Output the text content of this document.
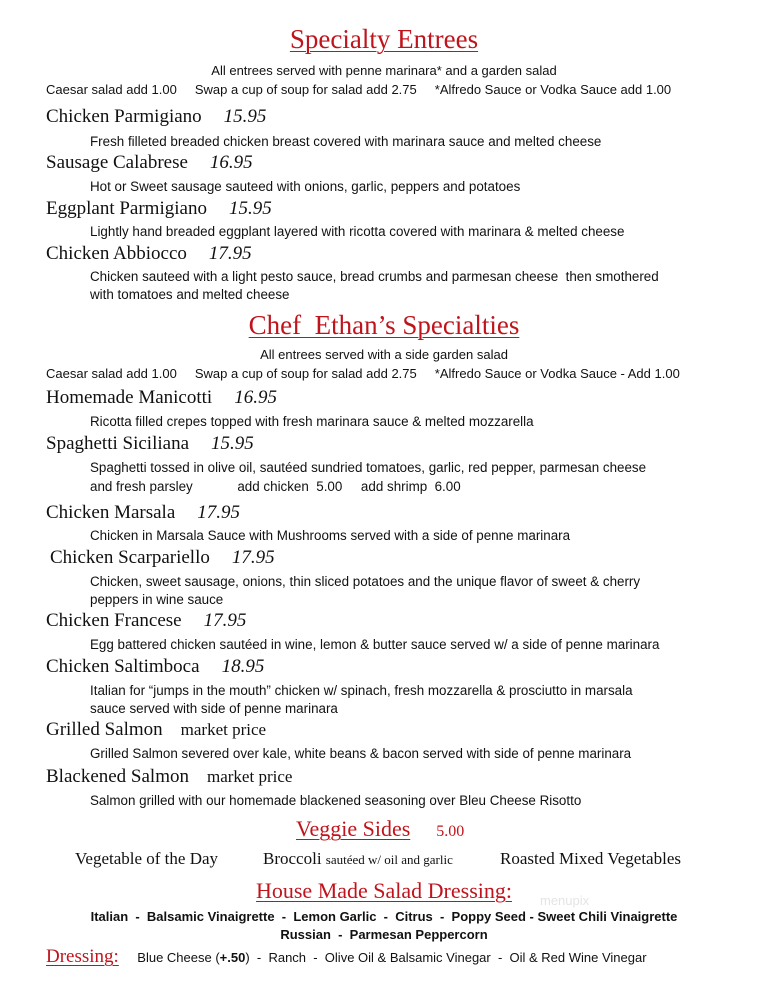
Specialty Entrees
All entrees served with penne marinara* and a garden salad
Caesar salad add 1.00     Swap a cup of soup for salad add 2.75     *Alfredo Sauce or Vodka Sauce add 1.00
Chicken Parmigiano 15.95
Fresh filleted breaded chicken breast covered with marinara sauce and melted cheese
Sausage Calabrese 16.95
Hot or Sweet sausage sauteed with onions, garlic, peppers and potatoes
Eggplant Parmigiano 15.95
Lightly hand breaded eggplant layered with ricotta covered with marinara & melted cheese
Chicken Abbiocco 17.95
Chicken sauteed with a light pesto sauce, bread crumbs and parmesan cheese  then smothered
with tomatoes and melted cheese
Chef  Ethan’s Specialties
All entrees served with a side garden salad
Caesar salad add 1.00     Swap a cup of soup for salad add 2.75     *Alfredo Sauce or Vodka Sauce - Add 1.00
Homemade Manicotti 16.95
Ricotta filled crepes topped with fresh marinara sauce & melted mozzarella
Spaghetti Siciliana 15.95
Spaghetti tossed in olive oil, sautéed sundried tomatoes, garlic, red pepper, parmesan cheese
and fresh parsley            add chicken  5.00     add shrimp  6.00
Chicken Marsala 17.95
Chicken in Marsala Sauce with Mushrooms served with a side of penne marinara
Chicken Scarpariello 17.95
Chicken, sweet sausage, onions, thin sliced potatoes and the unique flavor of sweet & cherry
peppers in wine sauce
Chicken Francese 17.95
Egg battered chicken sautéed in wine, lemon & butter sauce served w/ a side of penne marinara
Chicken Saltimboca 18.95
Italian for “jumps in the mouth” chicken w/ spinach, fresh mozzarella & prosciutto in marsala
sauce served with side of penne marinara
Grilled Salmon market price
Grilled Salmon severed over kale, white beans & bacon served with side of penne marinara
Blackened Salmon market price
Salmon grilled with our homemade blackened seasoning over Bleu Cheese Risotto
Veggie Sides 5.00
Vegetable of the Day	Broccoli sautéed w/ oil and garlic	Roasted Mixed Vegetables
House Made Salad Dressing:	menupix
Italian  -  Balsamic Vinaigrette  -  Lemon Garlic  -  Citrus  -  Poppy Seed - Sweet Chili Vinaigrette
Russian  -  Parmesan Peppercorn
Dressing: Blue Cheese (+.50)  -  Ranch  -  Olive Oil & Balsamic Vinegar  -  Oil & Red Wine Vinegar
